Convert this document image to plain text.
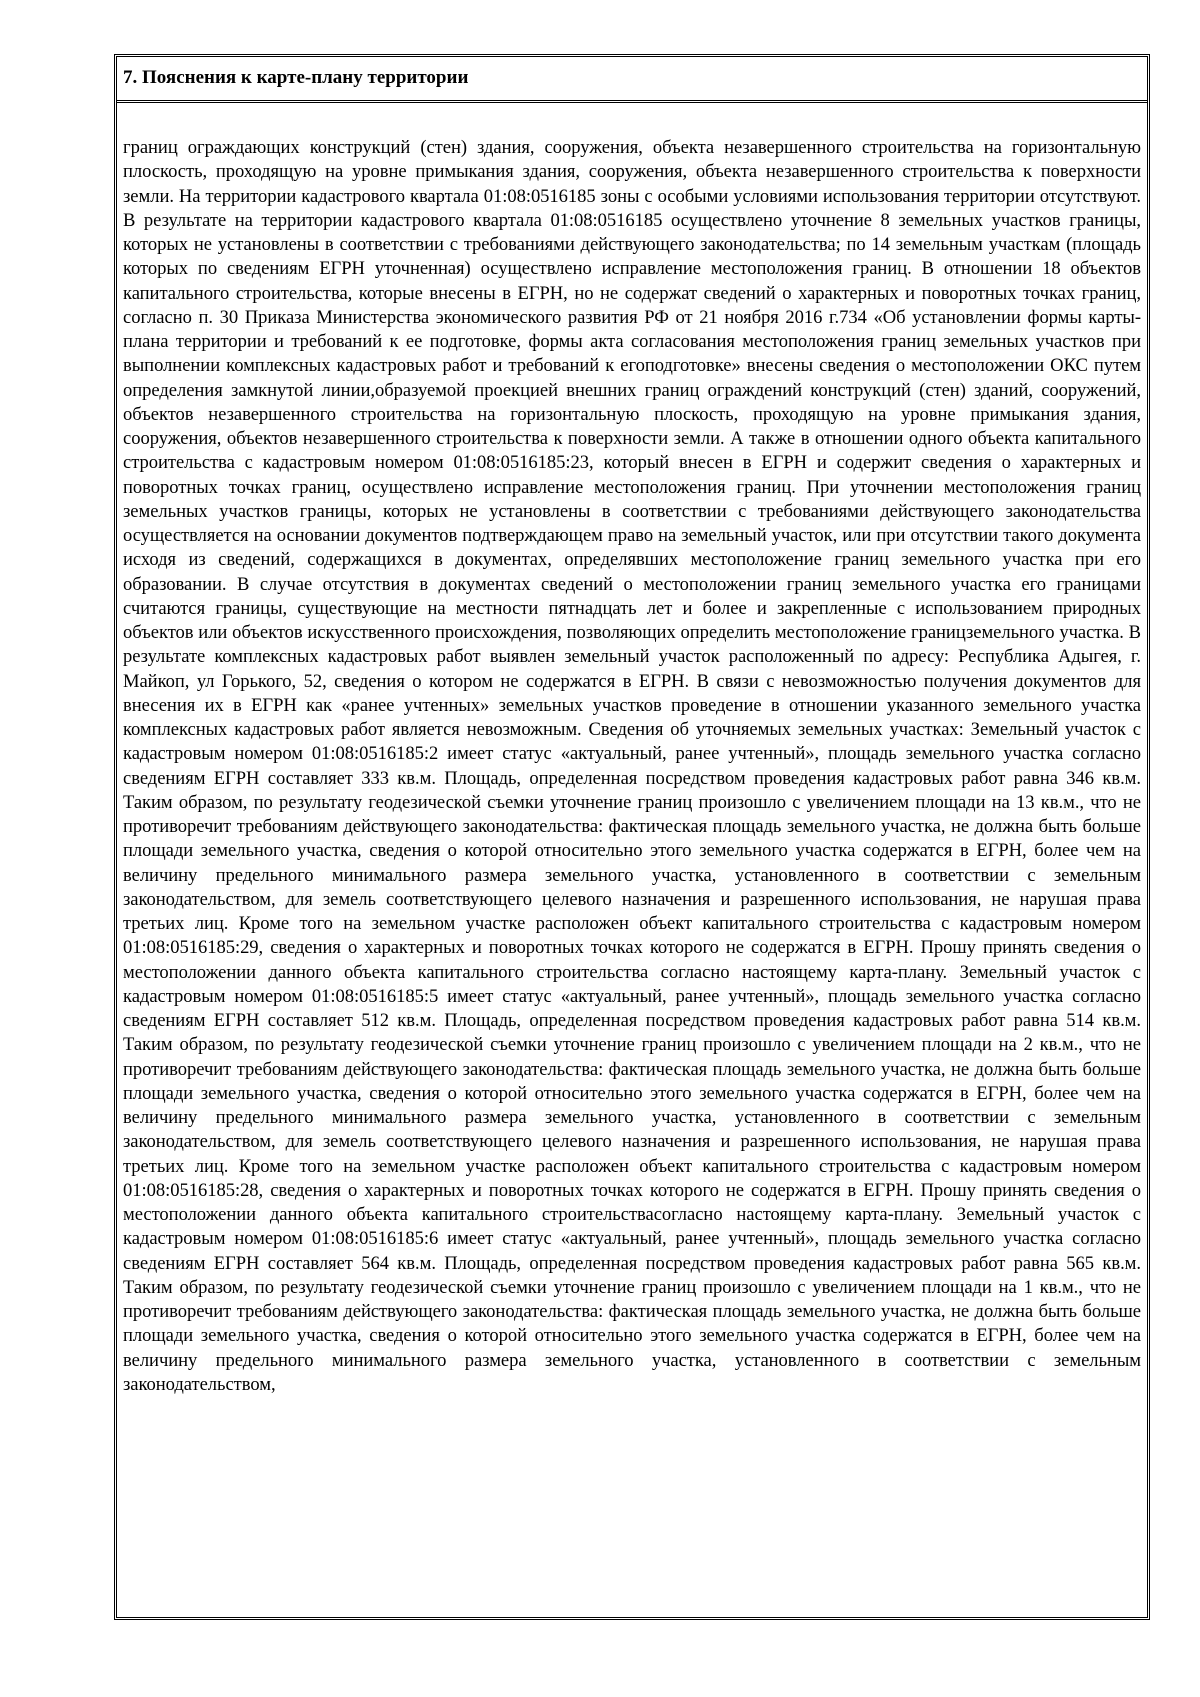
7. Пояснения к карте-плану территории
границ ограждающих конструкций (стен) здания, сооружения, объекта незавершенного строительства на горизонтальную плоскость, проходящую на уровне примыкания здания, сооружения, объекта незавершенного строительства к поверхности земли. На территории кадастрового квартала 01:08:0516185 зоны с особыми условиями использования территории отсутствуют. В результате на территории кадастрового квартала 01:08:0516185 осуществлено уточнение 8 земельных участков границы, которых не установлены в соответствии с требованиями действующего законодательства; по 14 земельным участкам (площадь которых по сведениям ЕГРН уточненная) осуществлено исправление местоположения границ. В отношении 18 объектов капитального строительства, которые внесены в ЕГРН, но не содержат сведений о характерных и поворотных точках границ, согласно п. 30 Приказа Министерства экономического развития РФ от 21 ноября 2016 г.734 «Об установлении формы карты-плана территории и требований к ее подготовке, формы акта согласования местоположения границ земельных участков при выполнении комплексных кадастровых работ и требований к егоподготовке» внесены сведения о местоположении ОКС путем определения замкнутой линии,образуемой проекцией внешних границ ограждений конструкций (стен) зданий, сооружений, объектов незавершенного строительства на горизонтальную плоскость, проходящую на уровне примыкания здания, сооружения, объектов незавершенного строительства к поверхности земли. А также в отношении одного объекта капитального строительства с кадастровым номером 01:08:0516185:23, который внесен в ЕГРН и содержит сведения о характерных и поворотных точках границ, осуществлено исправление местоположения границ. При уточнении местоположения границ земельных участков границы, которых не установлены в соответствии с требованиями действующего законодательства осуществляется на основании документов подтверждающем право на земельный участок, или при отсутствии такого документа исходя из сведений, содержащихся в документах, определявших местоположение границ земельного участка при его образовании. В случае отсутствия в документах сведений о местоположении границ земельного участка его границами считаются границы, существующие на местности пятнадцать лет и более и закрепленные с использованием природных объектов или объектов искусственного происхождения, позволяющих определить местоположение границземельного участка. В результате комплексных кадастровых работ выявлен земельный участок расположенный по адресу: Республика Адыгея, г. Майкоп, ул Горького, 52, сведения о котором не содержатся в ЕГРН. В связи с невозможностью получения документов для внесения их в ЕГРН как «ранее учтенных» земельных участков проведение в отношении указанного земельного участка комплексных кадастровых работ является невозможным. Сведения об уточняемых земельных участках: Земельный участок с кадастровым номером 01:08:0516185:2 имеет статус «актуальный, ранее учтенный», площадь земельного участка согласно сведениям ЕГРН составляет 333 кв.м. Площадь, определенная посредством проведения кадастровых работ равна 346 кв.м. Таким образом, по результату геодезической съемки уточнение границ произошло с увеличением площади на 13 кв.м., что не противоречит требованиям действующего законодательства: фактическая площадь земельного участка, не должна быть больше площади земельного участка, сведения о которой относительно этого земельного участка содержатся в ЕГРН, более чем на величину предельного минимального размера земельного участка, установленного в соответствии с земельным законодательством, для земель соответствующего целевого назначения и разрешенного использования, не нарушая права третьих лиц. Кроме того на земельном участке расположен объект капитального строительства с кадастровым номером 01:08:0516185:29, сведения о характерных и поворотных точках которого не содержатся в ЕГРН. Прошу принять сведения о местоположении данного объекта капитального строительства согласно настоящему карта-плану. Земельный участок с кадастровым номером 01:08:0516185:5 имеет статус «актуальный, ранее учтенный», площадь земельного участка согласно сведениям ЕГРН составляет 512 кв.м. Площадь, определенная посредством проведения кадастровых работ равна 514 кв.м. Таким образом, по результату геодезической съемки уточнение границ произошло с увеличением площади на 2 кв.м., что не противоречит требованиям действующего законодательства: фактическая площадь земельного участка, не должна быть больше площади земельного участка, сведения о которой относительно этого земельного участка содержатся в ЕГРН, более чем на величину предельного минимального размера земельного участка, установленного в соответствии с земельным законодательством, для земель соответствующего целевого назначения и разрешенного использования, не нарушая права третьих лиц. Кроме того на земельном участке расположен объект капитального строительства с кадастровым номером 01:08:0516185:28, сведения о характерных и поворотных точках которого не содержатся в ЕГРН. Прошу принять сведения о местоположении данного объекта капитального строительствасогласно настоящему карта-плану. Земельный участок с кадастровым номером 01:08:0516185:6 имеет статус «актуальный, ранее учтенный», площадь земельного участка согласно сведениям ЕГРН составляет 564 кв.м. Площадь, определенная посредством проведения кадастровых работ равна 565 кв.м. Таким образом, по результату геодезической съемки уточнение границ произошло с увеличением площади на 1 кв.м., что не противоречит требованиям действующего законодательства: фактическая площадь земельного участка, не должна быть больше площади земельного участка, сведения о которой относительно этого земельного участка содержатся в ЕГРН, более чем на величину предельного минимального размера земельного участка, установленного в соответствии с земельным законодательством,
